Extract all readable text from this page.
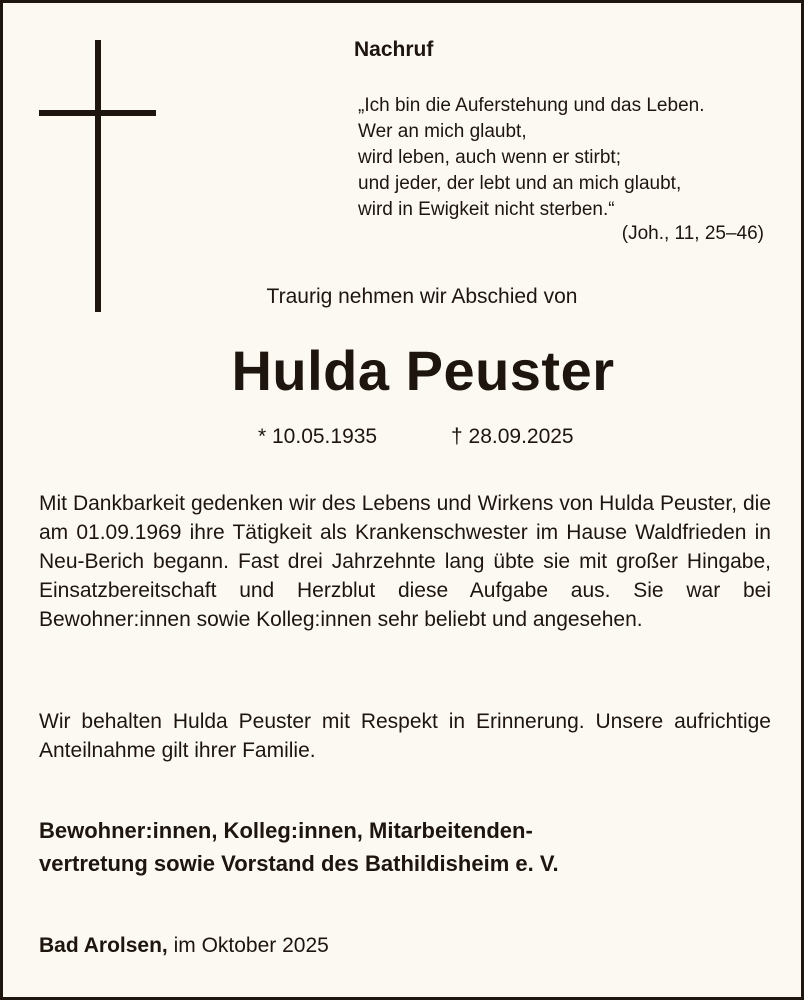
Nachruf
„Ich bin die Auferstehung und das Leben.
Wer an mich glaubt,
wird leben, auch wenn er stirbt;
und jeder, der lebt und an mich glaubt,
wird in Ewigkeit nicht sterben.“
(Joh., 11, 25–46)
Traurig nehmen wir Abschied von
Hulda Peuster
* 10.05.1935	† 28.09.2025
Mit Dankbarkeit gedenken wir des Lebens und Wirkens von Hulda Peuster, die am 01.09.1969 ihre Tätigkeit als Krankenschwester im Hause Waldfrieden in Neu-Berich begann. Fast drei Jahrzehnte lang übte sie mit großer Hingabe, Einsatzbereitschaft und Herzblut diese Aufgabe aus. Sie war bei Bewohner:innen sowie Kolleg:innen sehr beliebt und angesehen.
Wir behalten Hulda Peuster mit Respekt in Erinnerung. Unsere aufrichtige Anteilnahme gilt ihrer Familie.
Bewohner:innen, Kolleg:innen, Mitarbeitenden-
vertretung sowie Vorstand des Bathildisheim e. V.
Bad Arolsen, im Oktober 2025
